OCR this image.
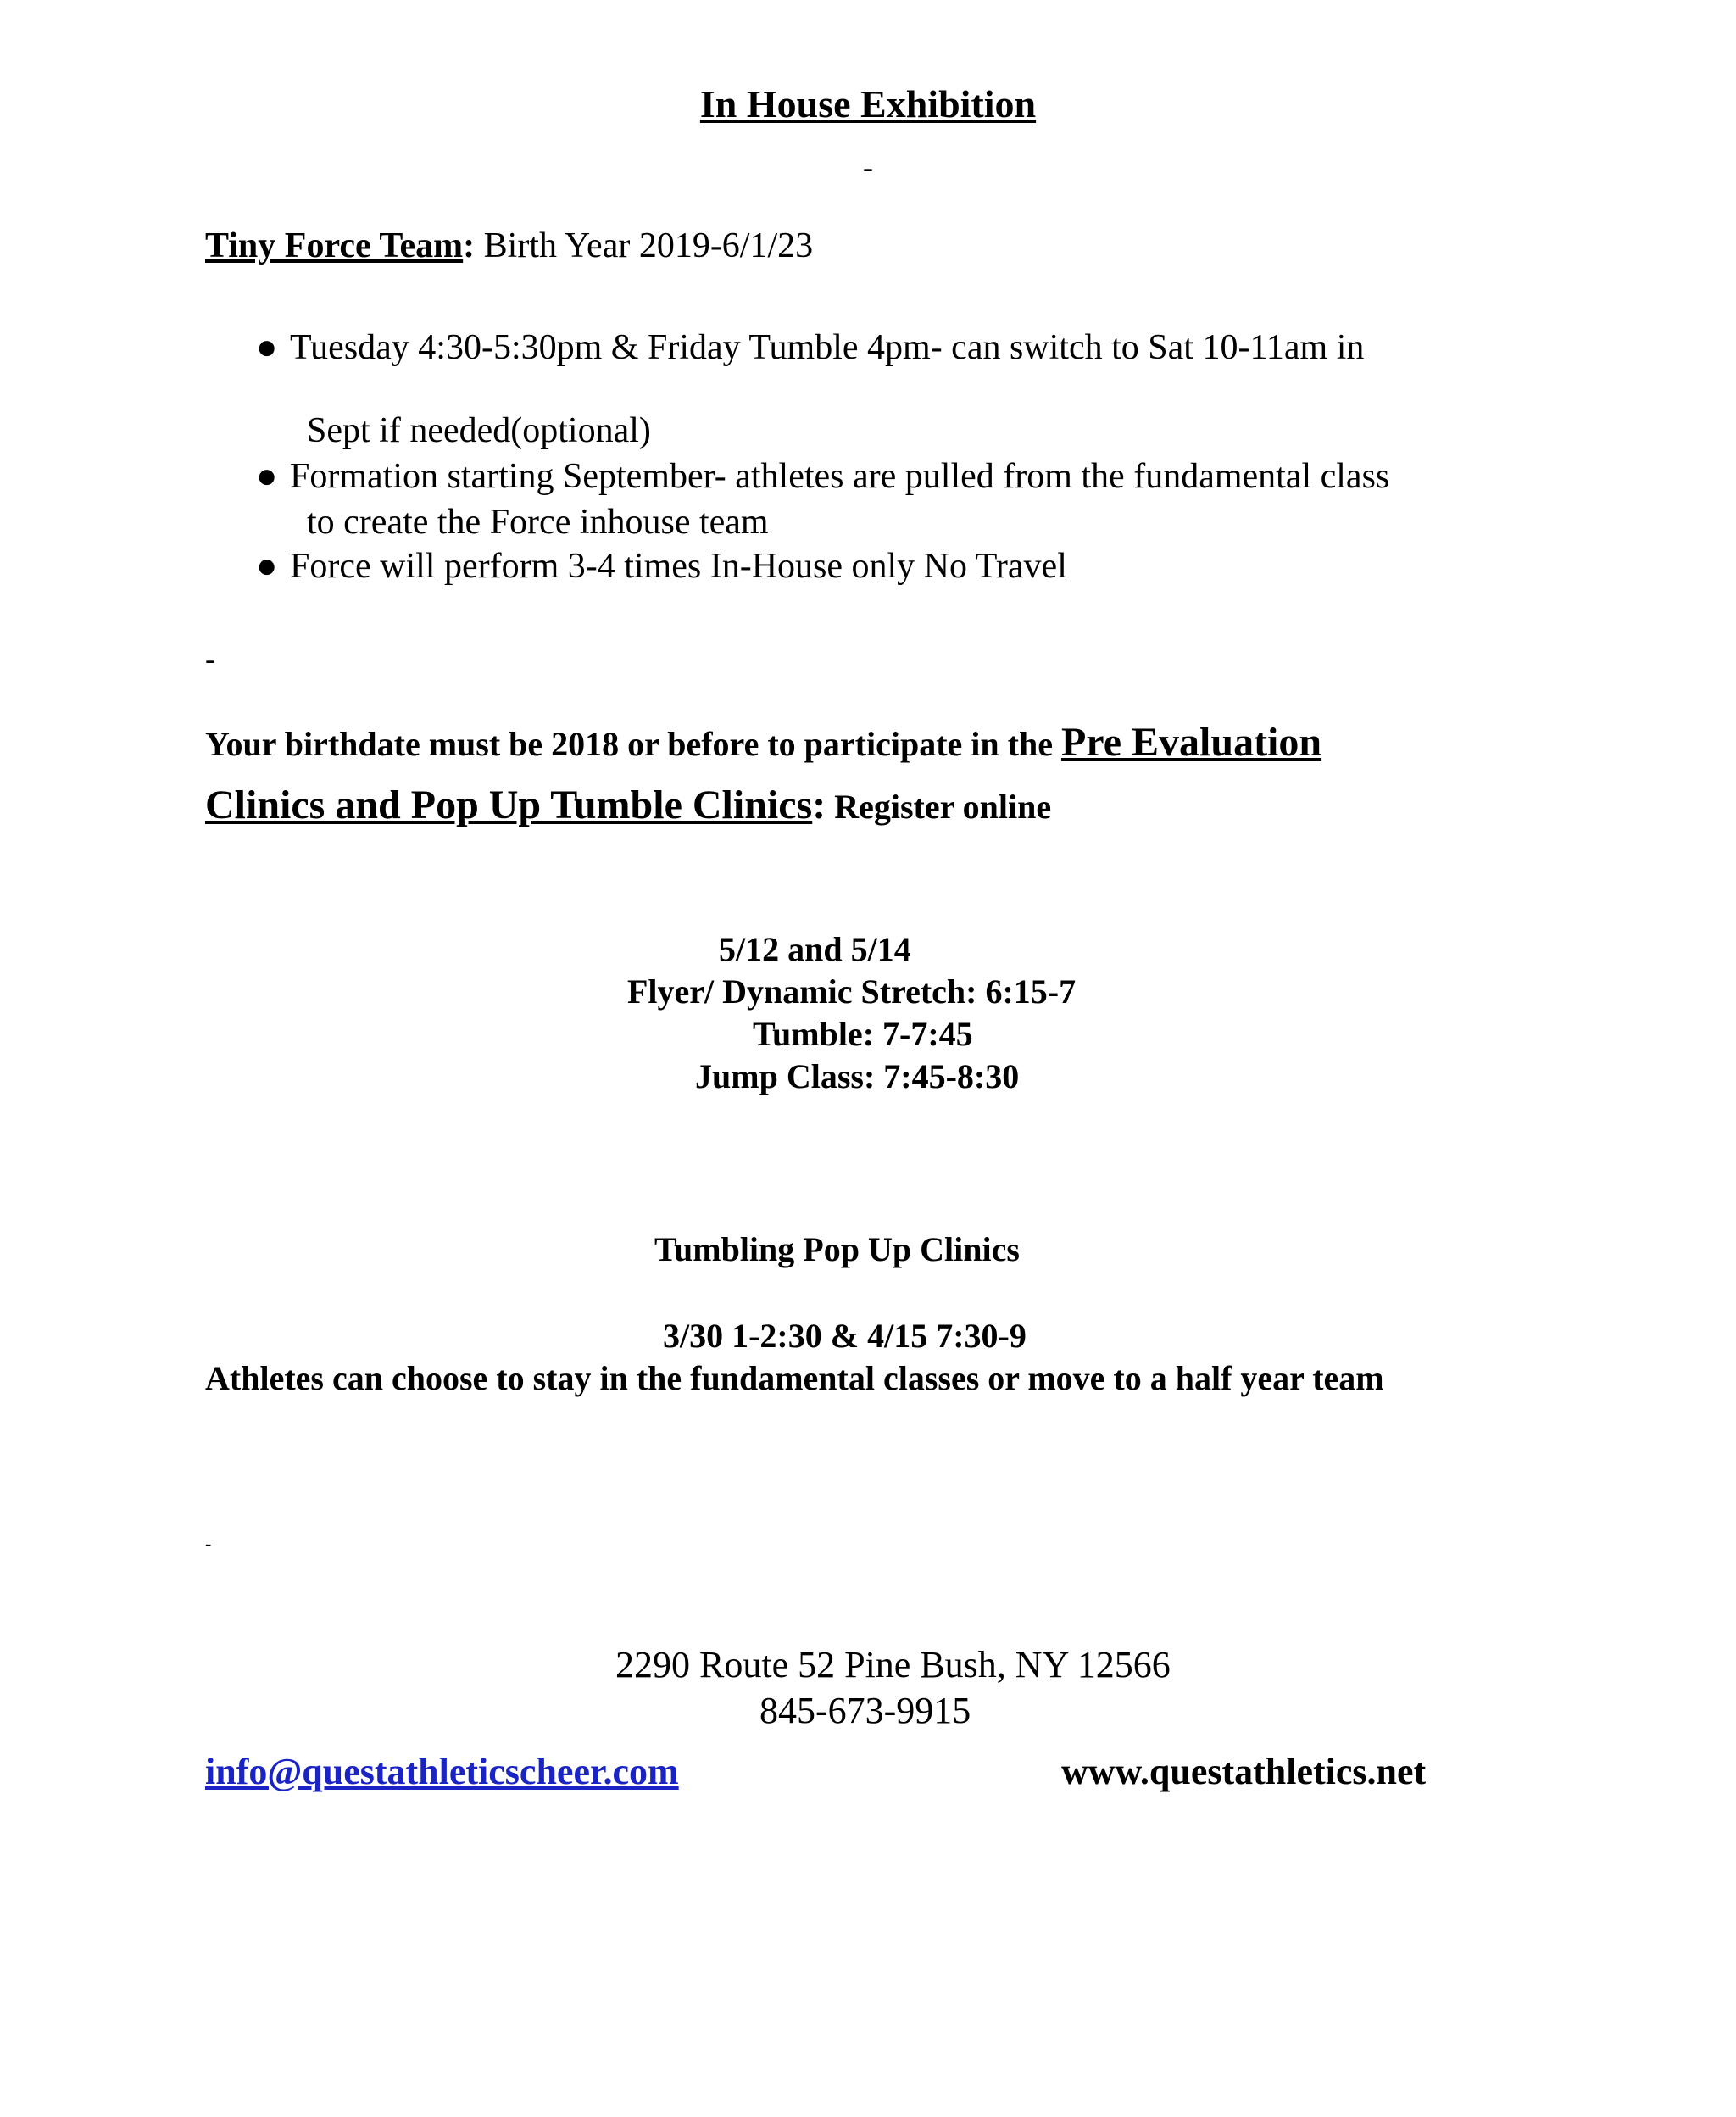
In House Exhibition
-
Tiny Force Team: Birth Year 2019-6/1/23
● Tuesday 4:30-5:30pm & Friday Tumble 4pm- can switch to Sat 10-11am in
Sept if needed(optional)
● Formation starting September- athletes are pulled from the fundamental class
to create the Force inhouse team
● Force will perform 3-4 times In-House only No Travel
-
Your birthdate must be 2018 or before to participate in the Pre Evaluation
Clinics and Pop Up Tumble Clinics: Register online
5/12 and 5/14
Flyer/ Dynamic Stretch: 6:15-7
Tumble: 7-7:45
Jump Class: 7:45-8:30
Tumbling Pop Up Clinics
3/30 1-2:30 & 4/15 7:30-9
Athletes can choose to stay in the fundamental classes or move to a half year team
-
2290 Route 52 Pine Bush, NY 12566
845-673-9915
info@questathleticscheer.com	www.questathletics.net
